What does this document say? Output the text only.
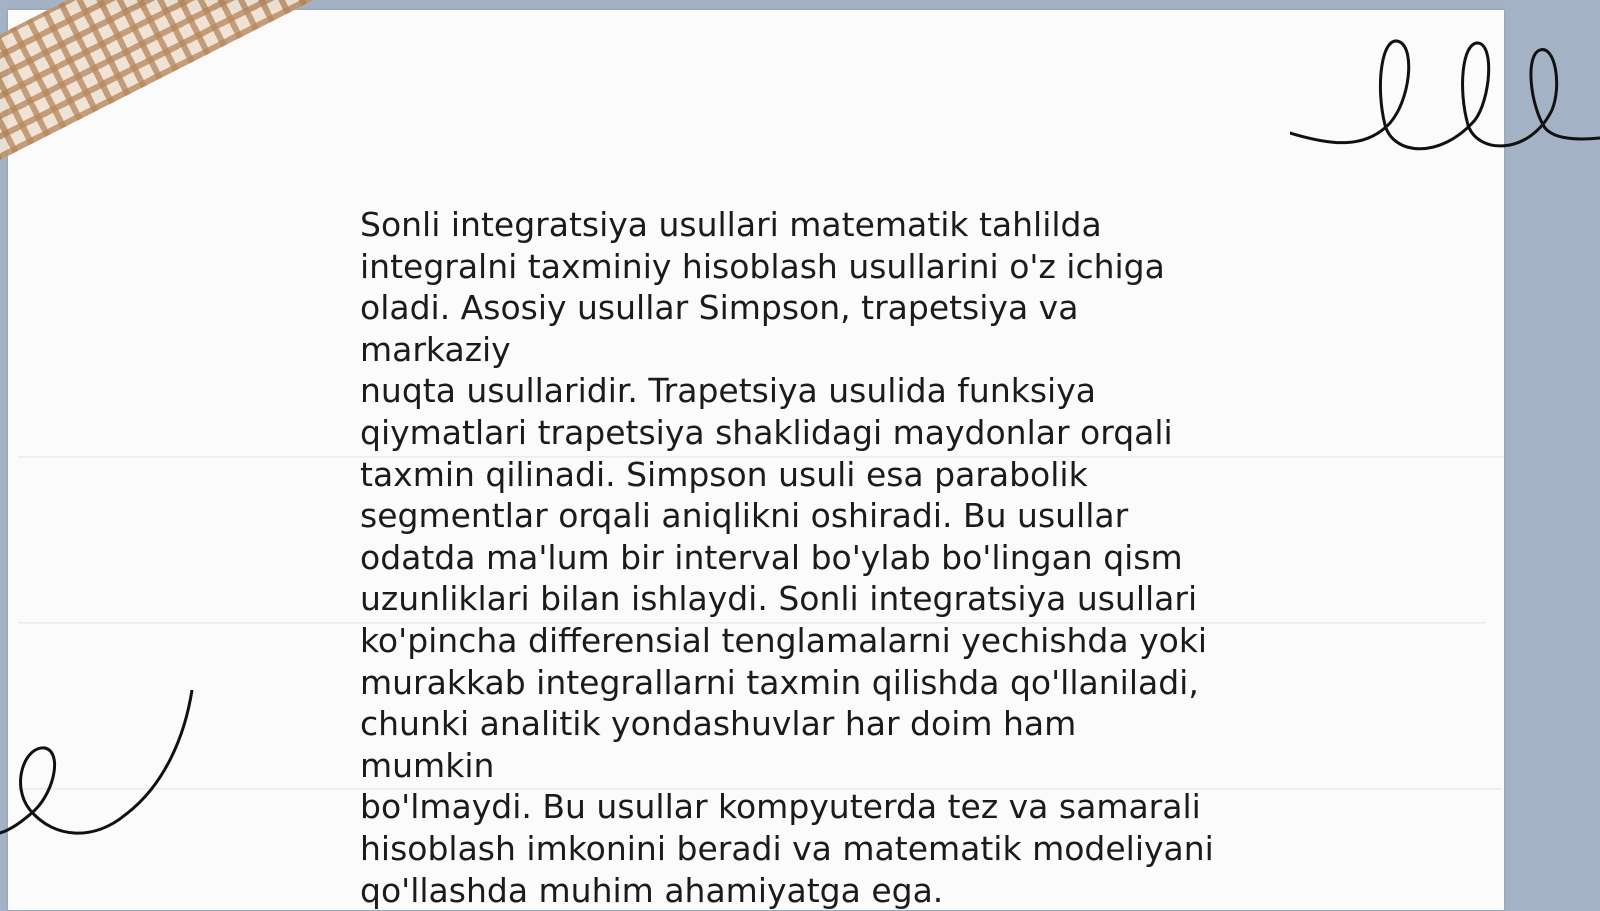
Sonli integratsiya usullari matematik tahlilda
integralni taxminiy hisoblash usullarini o'z ichiga
oladi. Asosiy usullar Simpson, trapetsiya va markaziy
nuqta usullaridir. Trapetsiya usulida funksiya
qiymatlari trapetsiya shaklidagi maydonlar orqali
taxmin qilinadi. Simpson usuli esa parabolik
segmentlar orqali aniqlikni oshiradi. Bu usullar
odatda ma'lum bir interval bo'ylab bo'lingan qism
uzunliklari bilan ishlaydi. Sonli integratsiya usullari
ko'pincha differensial tenglamalarni yechishda yoki
murakkab integrallarni taxmin qilishda qo'llaniladi,
chunki analitik yondashuvlar har doim ham mumkin
bo'lmaydi. Bu usullar kompyuterda tez va samarali
hisoblash imkonini beradi va matematik modeliyani
qo'llashda muhim ahamiyatga ega.
